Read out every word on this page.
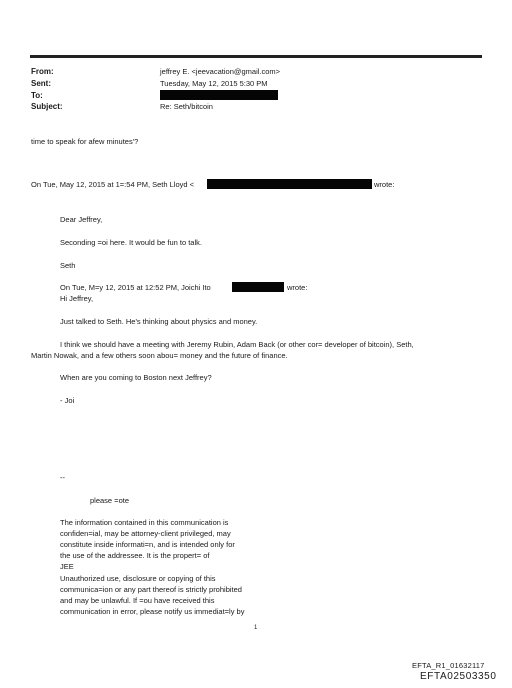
From:
Sent:
To:
Subject:
jeffrey E. <jeevacation@gmail.com>
Tuesday, May 12, 2015 5:30 PM
Re: Seth/bitcoin
time to speak for afew minutes'?
On Tue, May 12, 2015 at 1=:54 PM, Seth Lloyd <	wrote:
Dear Jeffrey,
Seconding =oi here. It would be fun to talk.
Seth
On Tue, M=y 12, 2015 at 12:52 PM, Joichi Ito	wrote:
Hi Jeffrey,
Just talked to Seth. He's thinking about physics and money.
I think we should have a meeting with Jeremy Rubin, Adam Back (or other cor= developer of bitcoin), Seth,
Martin Nowak, and a few others soon abou= money and the future of finance.
When are you coming to Boston next Jeffrey?
- Joi
--
please =ote
The information contained in this communication is
confiden=ial, may be attorney-client privileged, may
constitute inside informati=n, and is intended only for
the use of the addressee. It is the propert= of
JEE
Unauthorized use, disclosure or copying of this
communica=ion or any part thereof is strictly prohibited
and may be unlawful. If =ou have received this
communication in error, please notify us immediat=ly by
1
EFTA_R1_01632117
EFTA02503350
